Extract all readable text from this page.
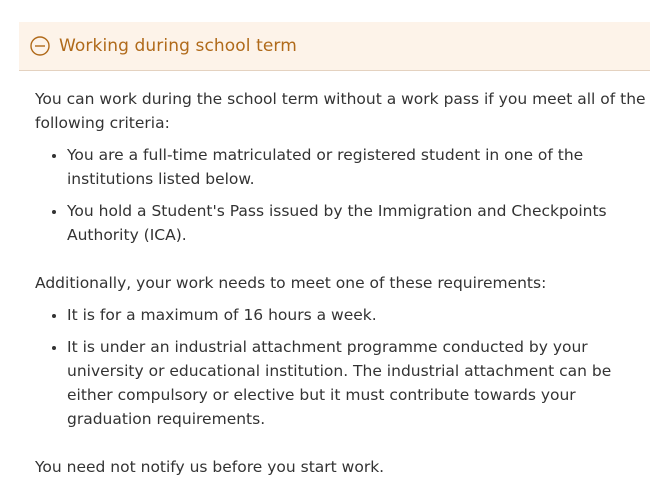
Working during school term

You can work during the school term without a work pass if you meet all of the following criteria:

• You are a full-time matriculated or registered student in one of the institutions listed below.
• You hold a Student's Pass issued by the Immigration and Checkpoints Authority (ICA).

Additionally, your work needs to meet one of these requirements:

• It is for a maximum of 16 hours a week.
• It is under an industrial attachment programme conducted by your university or educational institution. The industrial attachment can be either compulsory or elective but it must contribute towards your graduation requirements.

You need not notify us before you start work.
